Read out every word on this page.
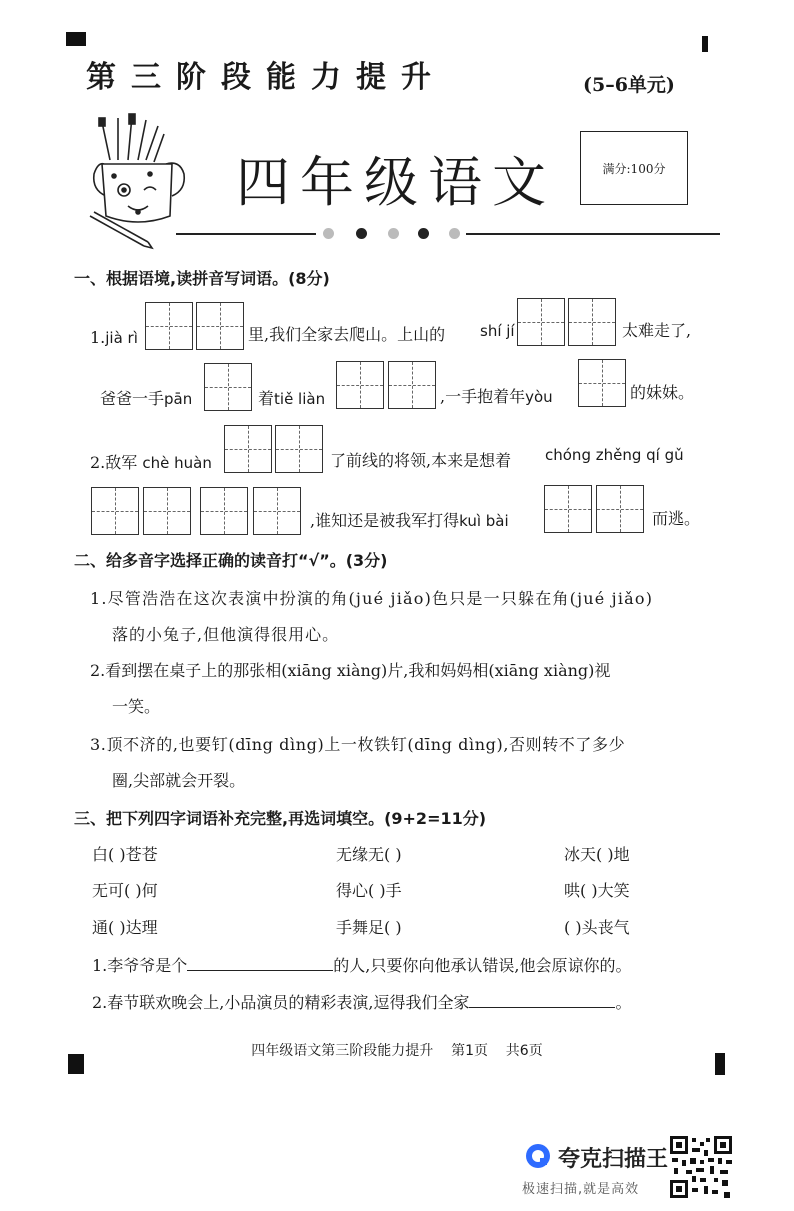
第三阶段能力提升	(5–6单元)
四年级语文	满分:100分
一、根据语境,读拼音写词语。(8分)
1.jià rì	里,我们全家去爬山。上山的 shí jí	太难走了,
爸爸一手pān	着tiě liàn	,一手抱着年yòu	的妹妹。
2.敌军 chè huàn	了前线的将领,本来是想着 chóng zhěng qí gǔ
,谁知还是被我军打得kuì bài	而逃。
二、给多音字选择正确的读音打“√”。(3分)
1.尽管浩浩在这次表演中扮演的角(jué jiǎo)色只是一只躲在角(jué jiǎo)
落的小兔子,但他演得很用心。
2.看到摆在桌子上的那张相(xiāng xiàng)片,我和妈妈相(xiāng xiàng)视
一笑。
3.顶不济的,也要钉(dīng dìng)上一枚铁钉(dīng dìng),否则转不了多少
圈,尖部就会开裂。
三、把下列四字词语补充完整,再选词填空。(9+2=11分)
白( )苍苍	无缘无( )	冰天( )地
无可( )何	得心( )手	哄( )大笑
通( )达理	手舞足( )	( )头丧气
1.李爷爷是个	的人,只要你向他承认错误,他会原谅你的。
2.春节联欢晚会上,小品演员的精彩表演,逗得我们全家	。
四年级语文第三阶段能力提升    第1页    共6页
夸克扫描王
极速扫描,就是高效
